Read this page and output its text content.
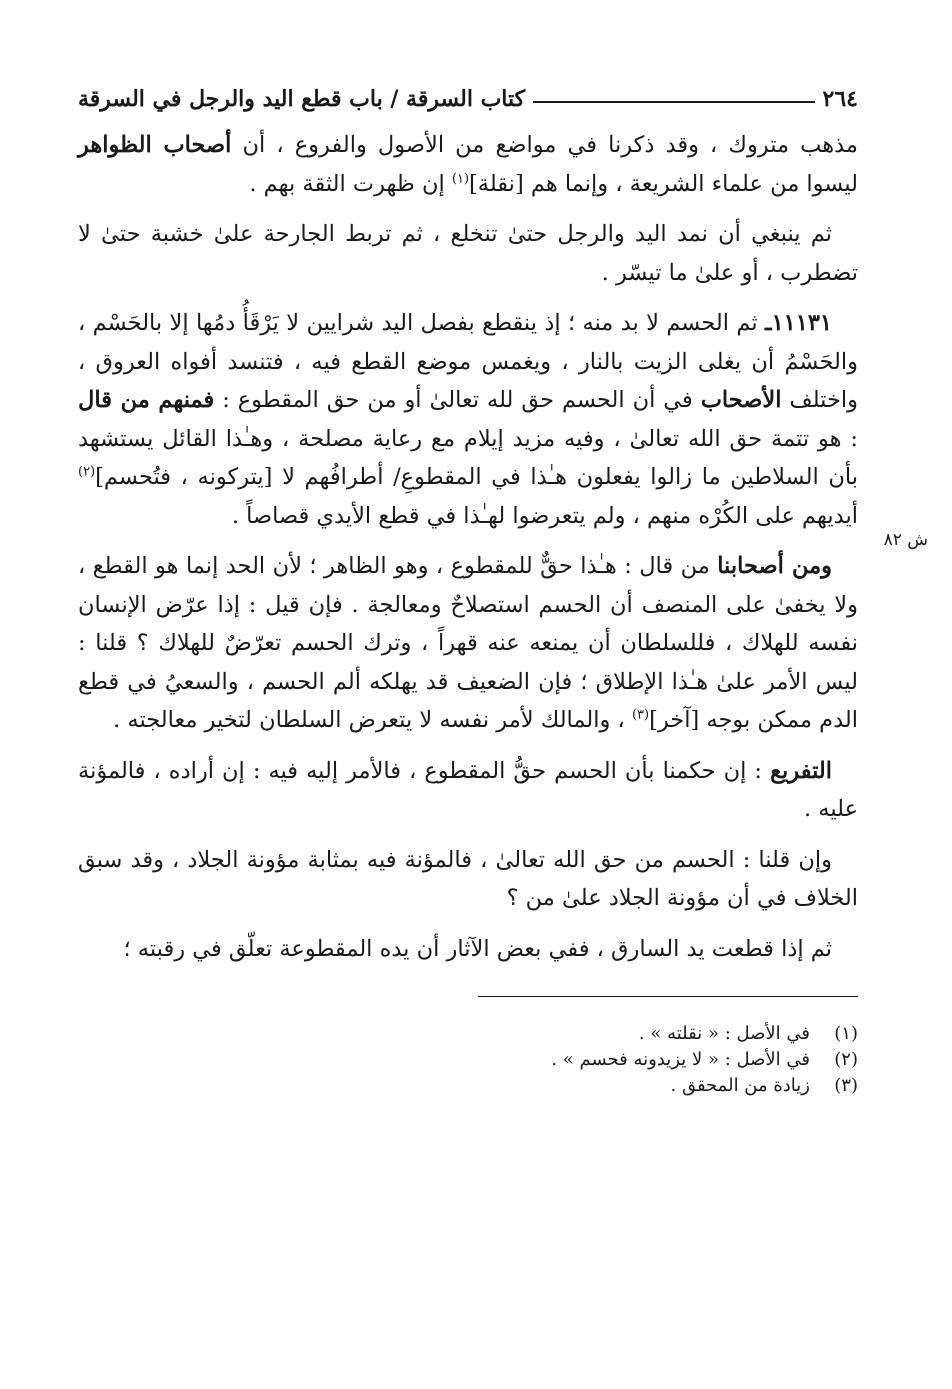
٢٦٤
كتاب السرقة / باب قطع اليد والرجل في السرقة
ش ٨٢

مذهب متروك ، وقد ذكرنا في مواضع من الأصول والفروع ، أن أصحاب الظواهر ليسوا من علماء الشريعة ، وإنما هم [نقلة]$^{(١)}$ إن ظهرت الثقة بهم .

ثم ينبغي أن نمد اليد والرجل حتىٰ تنخلع ، ثم تربط الجارحة علىٰ خشبة حتىٰ لا تضطرب ، أو علىٰ ما تيسّر .

١١١٣١ـ ثم الحسم لا بد منه ؛ إذ ينقطع بفصل اليد شرايين لا يَرْقَأُ دمُها إلا بالحَسْم ، والحَسْمُ أن يغلى الزيت بالنار ، ويغمس موضع القطع فيه ، فتنسد أفواه العروق ، واختلف الأصحاب في أن الحسم حق لله تعالىٰ أو من حق المقطوع : فمنهم من قال : هو تتمة حق الله تعالىٰ ، وفيه مزيد إيلام مع رعاية مصلحة ، وهـٰذا القائل يستشهد بأن السلاطين ما زالوا يفعلون هـٰذا في المقطوعِ/ أطرافُهم لا [يتركونه ، فتُحسم]$^{(٢)}$ أيديهم على الكُرْه منهم ، ولم يتعرضوا لهـٰذا في قطع الأيدي قصاصاً .

ومن أصحابنا من قال : هـٰذا حقٌّ للمقطوع ، وهو الظاهر ؛ لأن الحد إنما هو القطع ، ولا يخفىٰ على المنصف أن الحسم استصلاحٌ ومعالجة . فإن قيل : إذا عرّض الإنسان نفسه للهلاك ، فللسلطان أن يمنعه عنه قهراً ، وترك الحسم تعرّضٌ للهلاك ؟ قلنا : ليس الأمر علىٰ هـٰذا الإطلاق ؛ فإن الضعيف قد يهلكه ألم الحسم ، والسعيُ في قطع الدم ممكن بوجه [آخر]$^{(٣)}$ ، والمالك لأمر نفسه لا يتعرض السلطان لتخير معالجته .

التفريع : إن حكمنا بأن الحسم حقُّ المقطوع ، فالأمر إليه فيه : إن أراده ، فالمؤنة عليه .

وإن قلنا : الحسم من حق الله تعالىٰ ، فالمؤنة فيه بمثابة مؤونة الجلاد ، وقد سبق الخلاف في أن مؤونة الجلاد علىٰ من ؟

ثم إذا قطعت يد السارق ، ففي بعض الآثار أن يده المقطوعة تعلّق في رقبته ؛

(١)
في الأصل : « نقلته » .
(٢)
في الأصل : « لا يزيدونه فحسم » .
(٣)
زيادة من المحقق .
